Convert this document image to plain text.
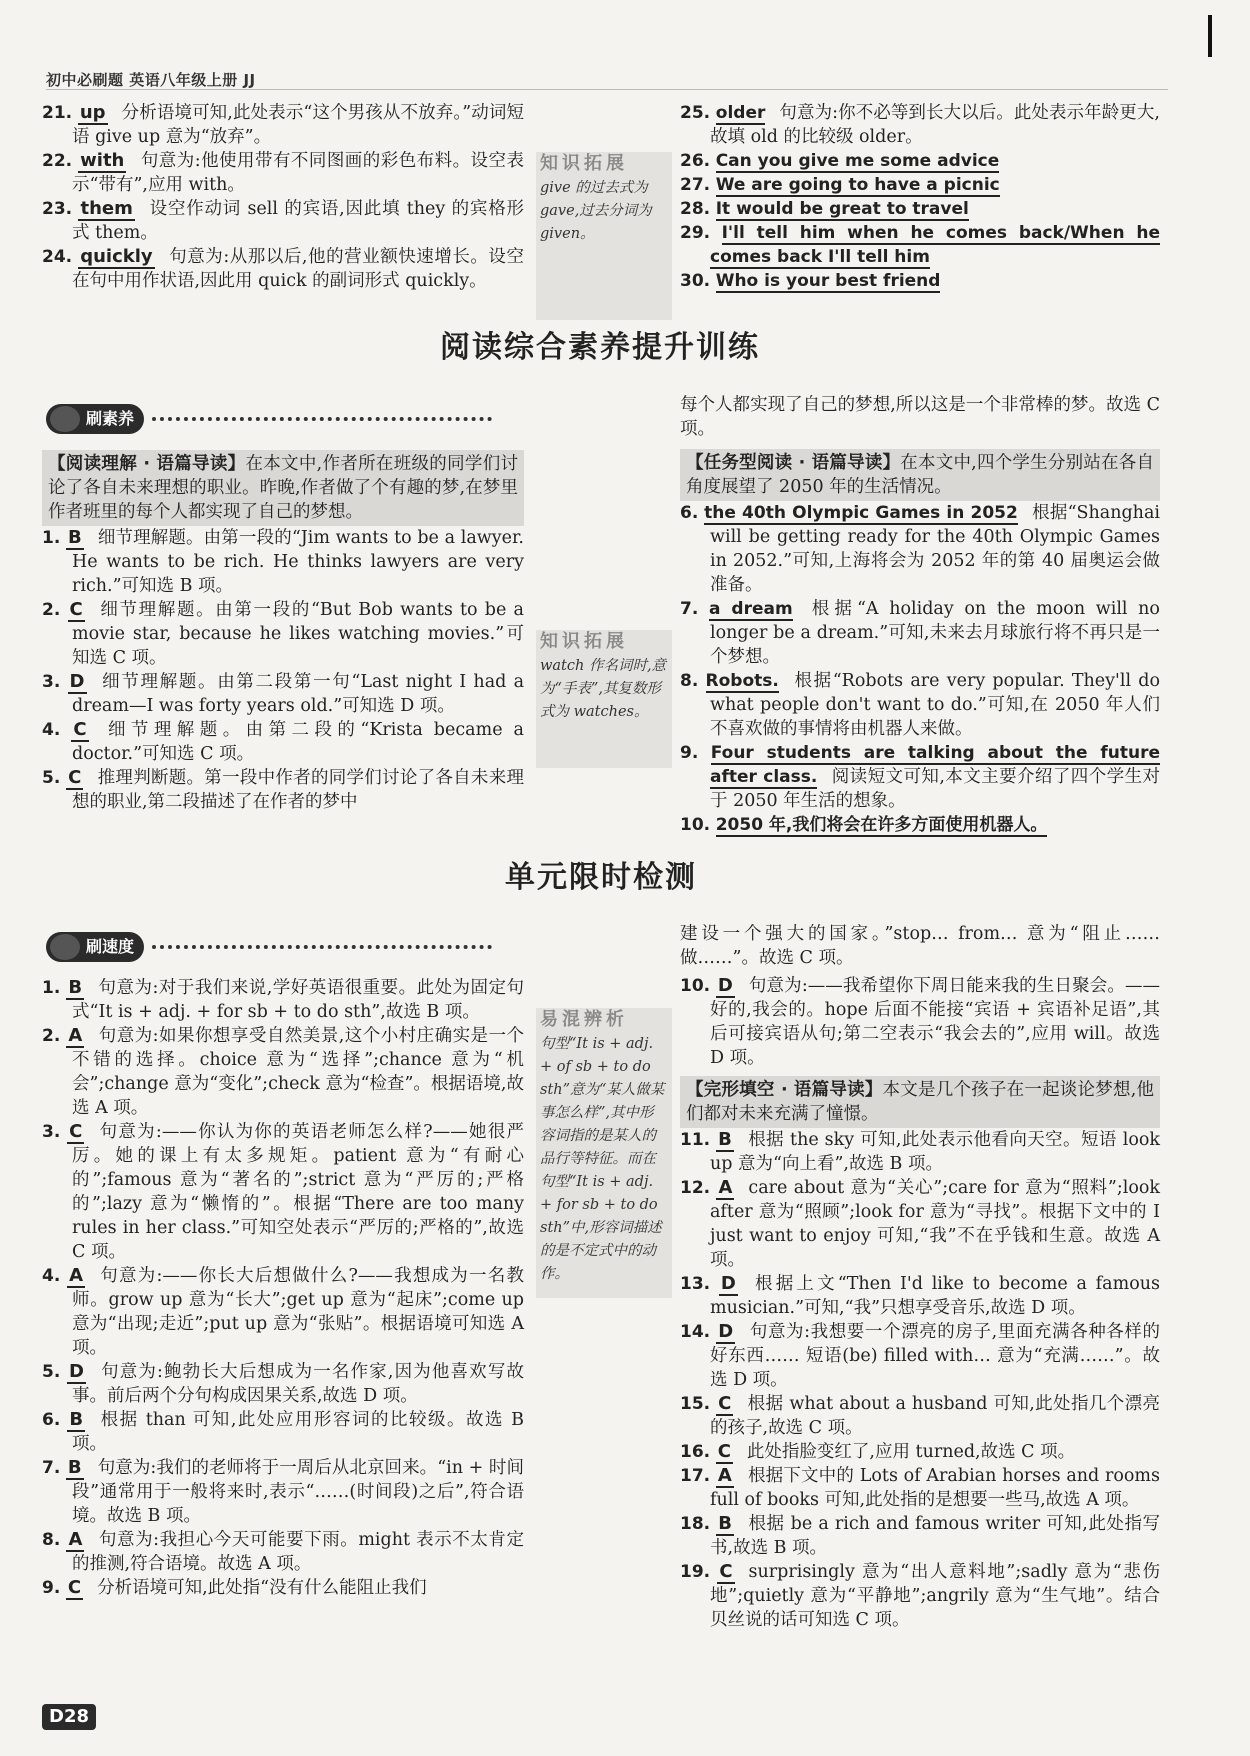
初中必刷题 英语八年级上册 JJ

21. up 分析语境可知,此处表示“这个男孩从不放弃。”动词短语 give up 意为“放弃”。

22. with 句意为:他使用带有不同图画的彩色布料。设空表示“带有”,应用 with。

23. them 设空作动词 sell 的宾语,因此填 they 的宾格形式 them。

24. quickly 句意为:从那以后,他的营业额快速增长。设空在句中用作状语,因此用 quick 的副词形式 quickly。

知识拓展
give 的过去式为 gave,过去分词为 given。

25. older 句意为:你不必等到长大以后。此处表示年龄更大,故填 old 的比较级 older。

26. Can you give me some advice

27. We are going to have a picnic

28. It would be great to travel

29. I'll tell him when he comes back/When he comes back I'll tell him

30. Who is your best friend

阅读综合素养提升训练
刷素养

【阅读理解 · 语篇导读】在本文中,作者所在班级的同学们讨论了各自未来理想的职业。昨晚,作者做了个有趣的梦,在梦里作者班里的每个人都实现了自己的梦想。

1. B 细节理解题。由第一段的“Jim wants to be a lawyer. He wants to be rich. He thinks lawyers are very rich.”可知选 B 项。

2. C 细节理解题。由第一段的“But Bob wants to be a movie star, because he likes watching movies.”可知选 C 项。

3. D 细节理解题。由第二段第一句“Last night I had a dream—I was forty years old.”可知选 D 项。

4. C 细节理解题。由第二段的“Krista became a doctor.”可知选 C 项。

5. C 推理判断题。第一段中作者的同学们讨论了各自未来理想的职业,第二段描述了在作者的梦中

知识拓展
watch 作名词时,意为“手表”,其复数形式为 watches。

每个人都实现了自己的梦想,所以这是一个非常棒的梦。故选 C 项。

【任务型阅读 · 语篇导读】在本文中,四个学生分别站在各自角度展望了 2050 年的生活情况。

6. the 40th Olympic Games in 2052 根据“Shanghai will be getting ready for the 40th Olympic Games in 2052.”可知,上海将会为 2052 年的第 40 届奥运会做准备。

7. a dream 根据“A holiday on the moon will no longer be a dream.”可知,未来去月球旅行将不再只是一个梦想。

8. Robots. 根据“Robots are very popular. They'll do what people don't want to do.”可知,在 2050 年人们不喜欢做的事情将由机器人来做。

9. Four students are talking about the future after class. 阅读短文可知,本文主要介绍了四个学生对于 2050 年生活的想象。

10. 2050 年,我们将会在许多方面使用机器人。

单元限时检测
刷速度

1. B 句意为:对于我们来说,学好英语很重要。此处为固定句式“It is + adj. + for sb + to do sth”,故选 B 项。

2. A 句意为:如果你想享受自然美景,这个小村庄确实是一个不错的选择。choice 意为“选择”;chance 意为“机会”;change 意为“变化”;check 意为“检查”。根据语境,故选 A 项。

3. C 句意为:——你认为你的英语老师怎么样?——她很严厉。她的课上有太多规矩。patient 意为“有耐心的”;famous 意为“著名的”;strict 意为“严厉的;严格的”;lazy 意为“懒惰的”。根据“There are too many rules in her class.”可知空处表示“严厉的;严格的”,故选 C 项。

4. A 句意为:——你长大后想做什么?——我想成为一名教师。grow up 意为“长大”;get up 意为“起床”;come up 意为“出现;走近”;put up 意为“张贴”。根据语境可知选 A 项。

5. D 句意为:鲍勃长大后想成为一名作家,因为他喜欢写故事。前后两个分句构成因果关系,故选 D 项。

6. B 根据 than 可知,此处应用形容词的比较级。故选 B 项。

7. B 句意为:我们的老师将于一周后从北京回来。“in + 时间段”通常用于一般将来时,表示“……(时间段)之后”,符合语境。故选 B 项。

8. A 句意为:我担心今天可能要下雨。might 表示不太肯定的推测,符合语境。故选 A 项。

9. C 分析语境可知,此处指“没有什么能阻止我们

易混辨析
句型“It is + adj. + of sb + to do sth”意为“某人做某事怎么样”,其中形容词指的是某人的品行等特征。而在句型“It is + adj. + for sb + to do sth”中,形容词描述的是不定式中的动作。

建设一个强大的国家。”stop… from… 意为“阻止……做……”。故选 C 项。

10. D 句意为:——我希望你下周日能来我的生日聚会。——好的,我会的。hope 后面不能接“宾语 + 宾语补足语”,其后可接宾语从句;第二空表示“我会去的”,应用 will。故选 D 项。

【完形填空 · 语篇导读】本文是几个孩子在一起谈论梦想,他们都对未来充满了憧憬。

11. B 根据 the sky 可知,此处表示他看向天空。短语 look up 意为“向上看”,故选 B 项。

12. A care about 意为“关心”;care for 意为“照料”;look after 意为“照顾”;look for 意为“寻找”。根据下文中的 I just want to enjoy 可知,“我”不在乎钱和生意。故选 A 项。

13. D 根据上文“Then I'd like to become a famous musician.”可知,“我”只想享受音乐,故选 D 项。

14. D 句意为:我想要一个漂亮的房子,里面充满各种各样的好东西…… 短语(be) filled with… 意为“充满……”。故选 D 项。

15. C 根据 what about a husband 可知,此处指几个漂亮的孩子,故选 C 项。

16. C 此处指脸变红了,应用 turned,故选 C 项。

17. A 根据下文中的 Lots of Arabian horses and rooms full of books 可知,此处指的是想要一些马,故选 A 项。

18. B 根据 be a rich and famous writer 可知,此处指写书,故选 B 项。

19. C surprisingly 意为“出人意料地”;sadly 意为“悲伤地”;quietly 意为“平静地”;angrily 意为“生气地”。结合贝丝说的话可知选 C 项。

D28
